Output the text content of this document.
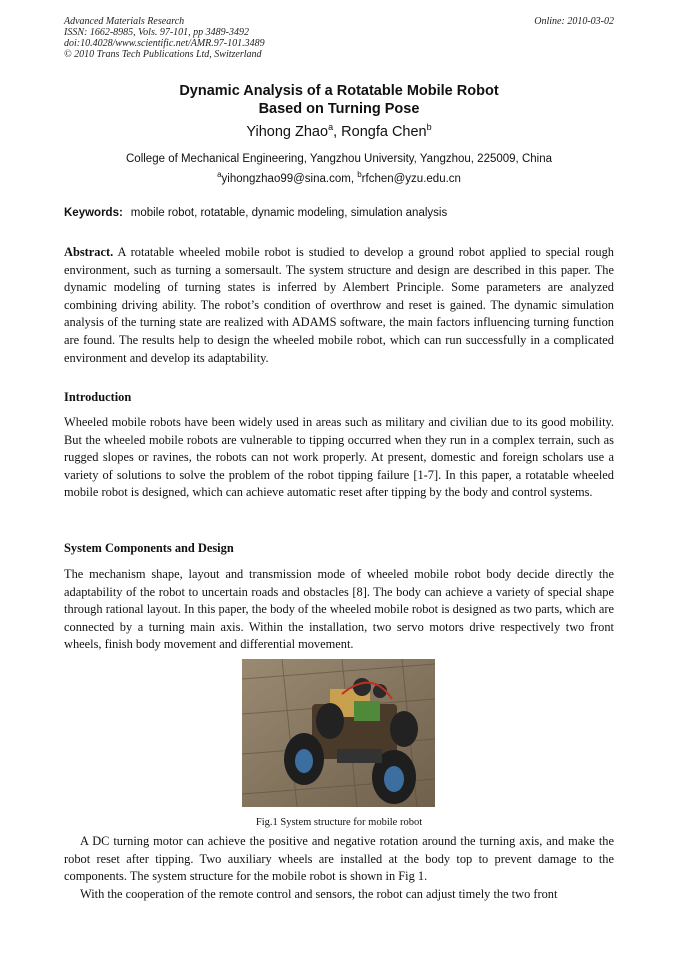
Advanced Materials Research
ISSN: 1662-8985, Vols. 97-101, pp 3489-3492
doi:10.4028/www.scientific.net/AMR.97-101.3489
© 2010 Trans Tech Publications Ltd, Switzerland
Online: 2010-03-02
Dynamic Analysis of a Rotatable Mobile Robot
Based on Turning Pose
Yihong Zhao$^a$, Rongfa Chen$^b$
College of Mechanical Engineering, Yangzhou University, Yangzhou, 225009, China
$^a$yihongzhao99@sina.com, $^b$rfchen@yzu.edu.cn
Keywords: mobile robot, rotatable, dynamic modeling, simulation analysis
Abstract. A rotatable wheeled mobile robot is studied to develop a ground robot applied to special rough environment, such as turning a somersault. The system structure and design are described in this paper. The dynamic modeling of turning states is inferred by Alembert Principle. Some parameters are analyzed combining driving ability. The robot’s condition of overthrow and reset is gained. The dynamic simulation analysis of the turning state are realized with ADAMS software, the main factors influencing turning function are found. The results help to design the wheeled mobile robot, which can run successfully in a complicated environment and develop its adaptability.
Introduction
Wheeled mobile robots have been widely used in areas such as military and civilian due to its good mobility. But the wheeled mobile robots are vulnerable to tipping occurred when they run in a complex terrain, such as rugged slopes or ravines, the robots can not work properly. At present, domestic and foreign scholars use a variety of solutions to solve the problem of the robot tipping failure [1-7]. In this paper, a rotatable wheeled mobile robot is designed, which can achieve automatic reset after tipping by the body and control systems.
System Components and Design
The mechanism shape, layout and transmission mode of wheeled mobile robot body decide directly the adaptability of the robot to uncertain roads and obstacles [8]. The body can achieve a variety of special shape through rational layout. In this paper, the body of the wheeled mobile robot is designed as two parts, which are connected by a turning main axis. Within the installation, two servo motors drive respectively two front wheels, finish body movement and differential movement.
Fig.1 System structure for mobile robot
A DC turning motor can achieve the positive and negative rotation around the turning axis, and make the robot reset after tipping. Two auxiliary wheels are installed at the body top to prevent damage to the components. The system structure for the mobile robot is shown in Fig 1.
With the cooperation of the remote control and sensors, the robot can adjust timely the two front
